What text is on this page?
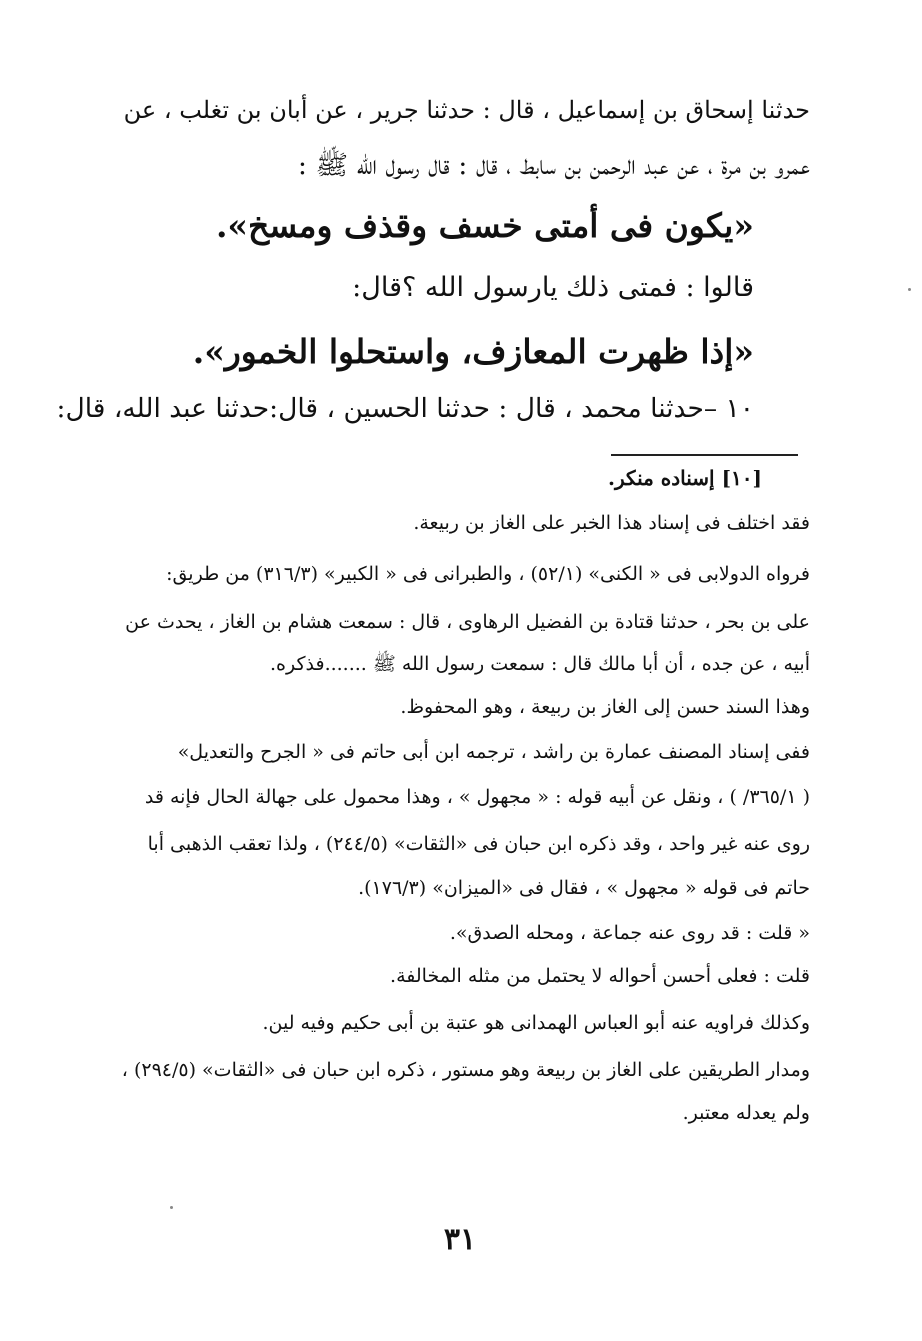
حدثنا إسحاق بن إسماعيل ، قال : حدثنا جرير ، عن أبان بن تغلب ، عن
عمرو بن مرة ، عن عبد الرحمن بن سابط ، قال : قال رسول الله ﷺ :
«يكون فى أمتى خسف وقذف ومسخ».
قالوا : فمتى ذلك يارسول الله ؟قال:
«إذا ظهرت المعازف، واستحلوا الخمور».
١٠ –حدثنا محمد ، قال : حدثنا الحسين ، قال:حدثنا عبد الله، قال:
[١٠] إسناده منكر.
فقد اختلف فى إسناد هذا الخبر على الغاز بن ربيعة.
فرواه الدولابى فى « الكنى» (٥٢/١) ، والطبرانى فى « الكبير» (٣١٦/٣) من طريق:
على بن بحر ، حدثنا قتادة بن الفضيل الرهاوى ، قال : سمعت هشام بن الغاز ، يحدث عن
أبيه ، عن جده ، أن أبا مالك قال : سمعت رسول الله ﷺ .......فذكره.
وهذا السند حسن إلى الغاز بن ربيعة ، وهو المحفوظ.
ففى إسناد المصنف عمارة بن راشد ، ترجمه ابن أبى حاتم فى « الجرح والتعديل»
( ٣٦٥/١/ ) ، ونقل عن أبيه قوله : « مجهول » ، وهذا محمول على جهالة الحال فإنه قد
روى عنه غير واحد ، وقد ذكره ابن حبان فى «الثقات» (٢٤٤/٥) ، ولذا تعقب الذهبى أبا
حاتم فى قوله « مجهول » ، فقال فى «الميزان» (١٧٦/٣).
« قلت : قد روى عنه جماعة ، ومحله الصدق».
قلت : فعلى أحسن أحواله لا يحتمل من مثله المخالفة.
وكذلك فراويه عنه أبو العباس الهمدانى هو عتبة بن أبى حكيم وفيه لين.
ومدار الطريقين على الغاز بن ربيعة وهو مستور ، ذكره ابن حبان فى «الثقات» (٢٩٤/٥) ،
ولم يعدله معتبر.
٣١
